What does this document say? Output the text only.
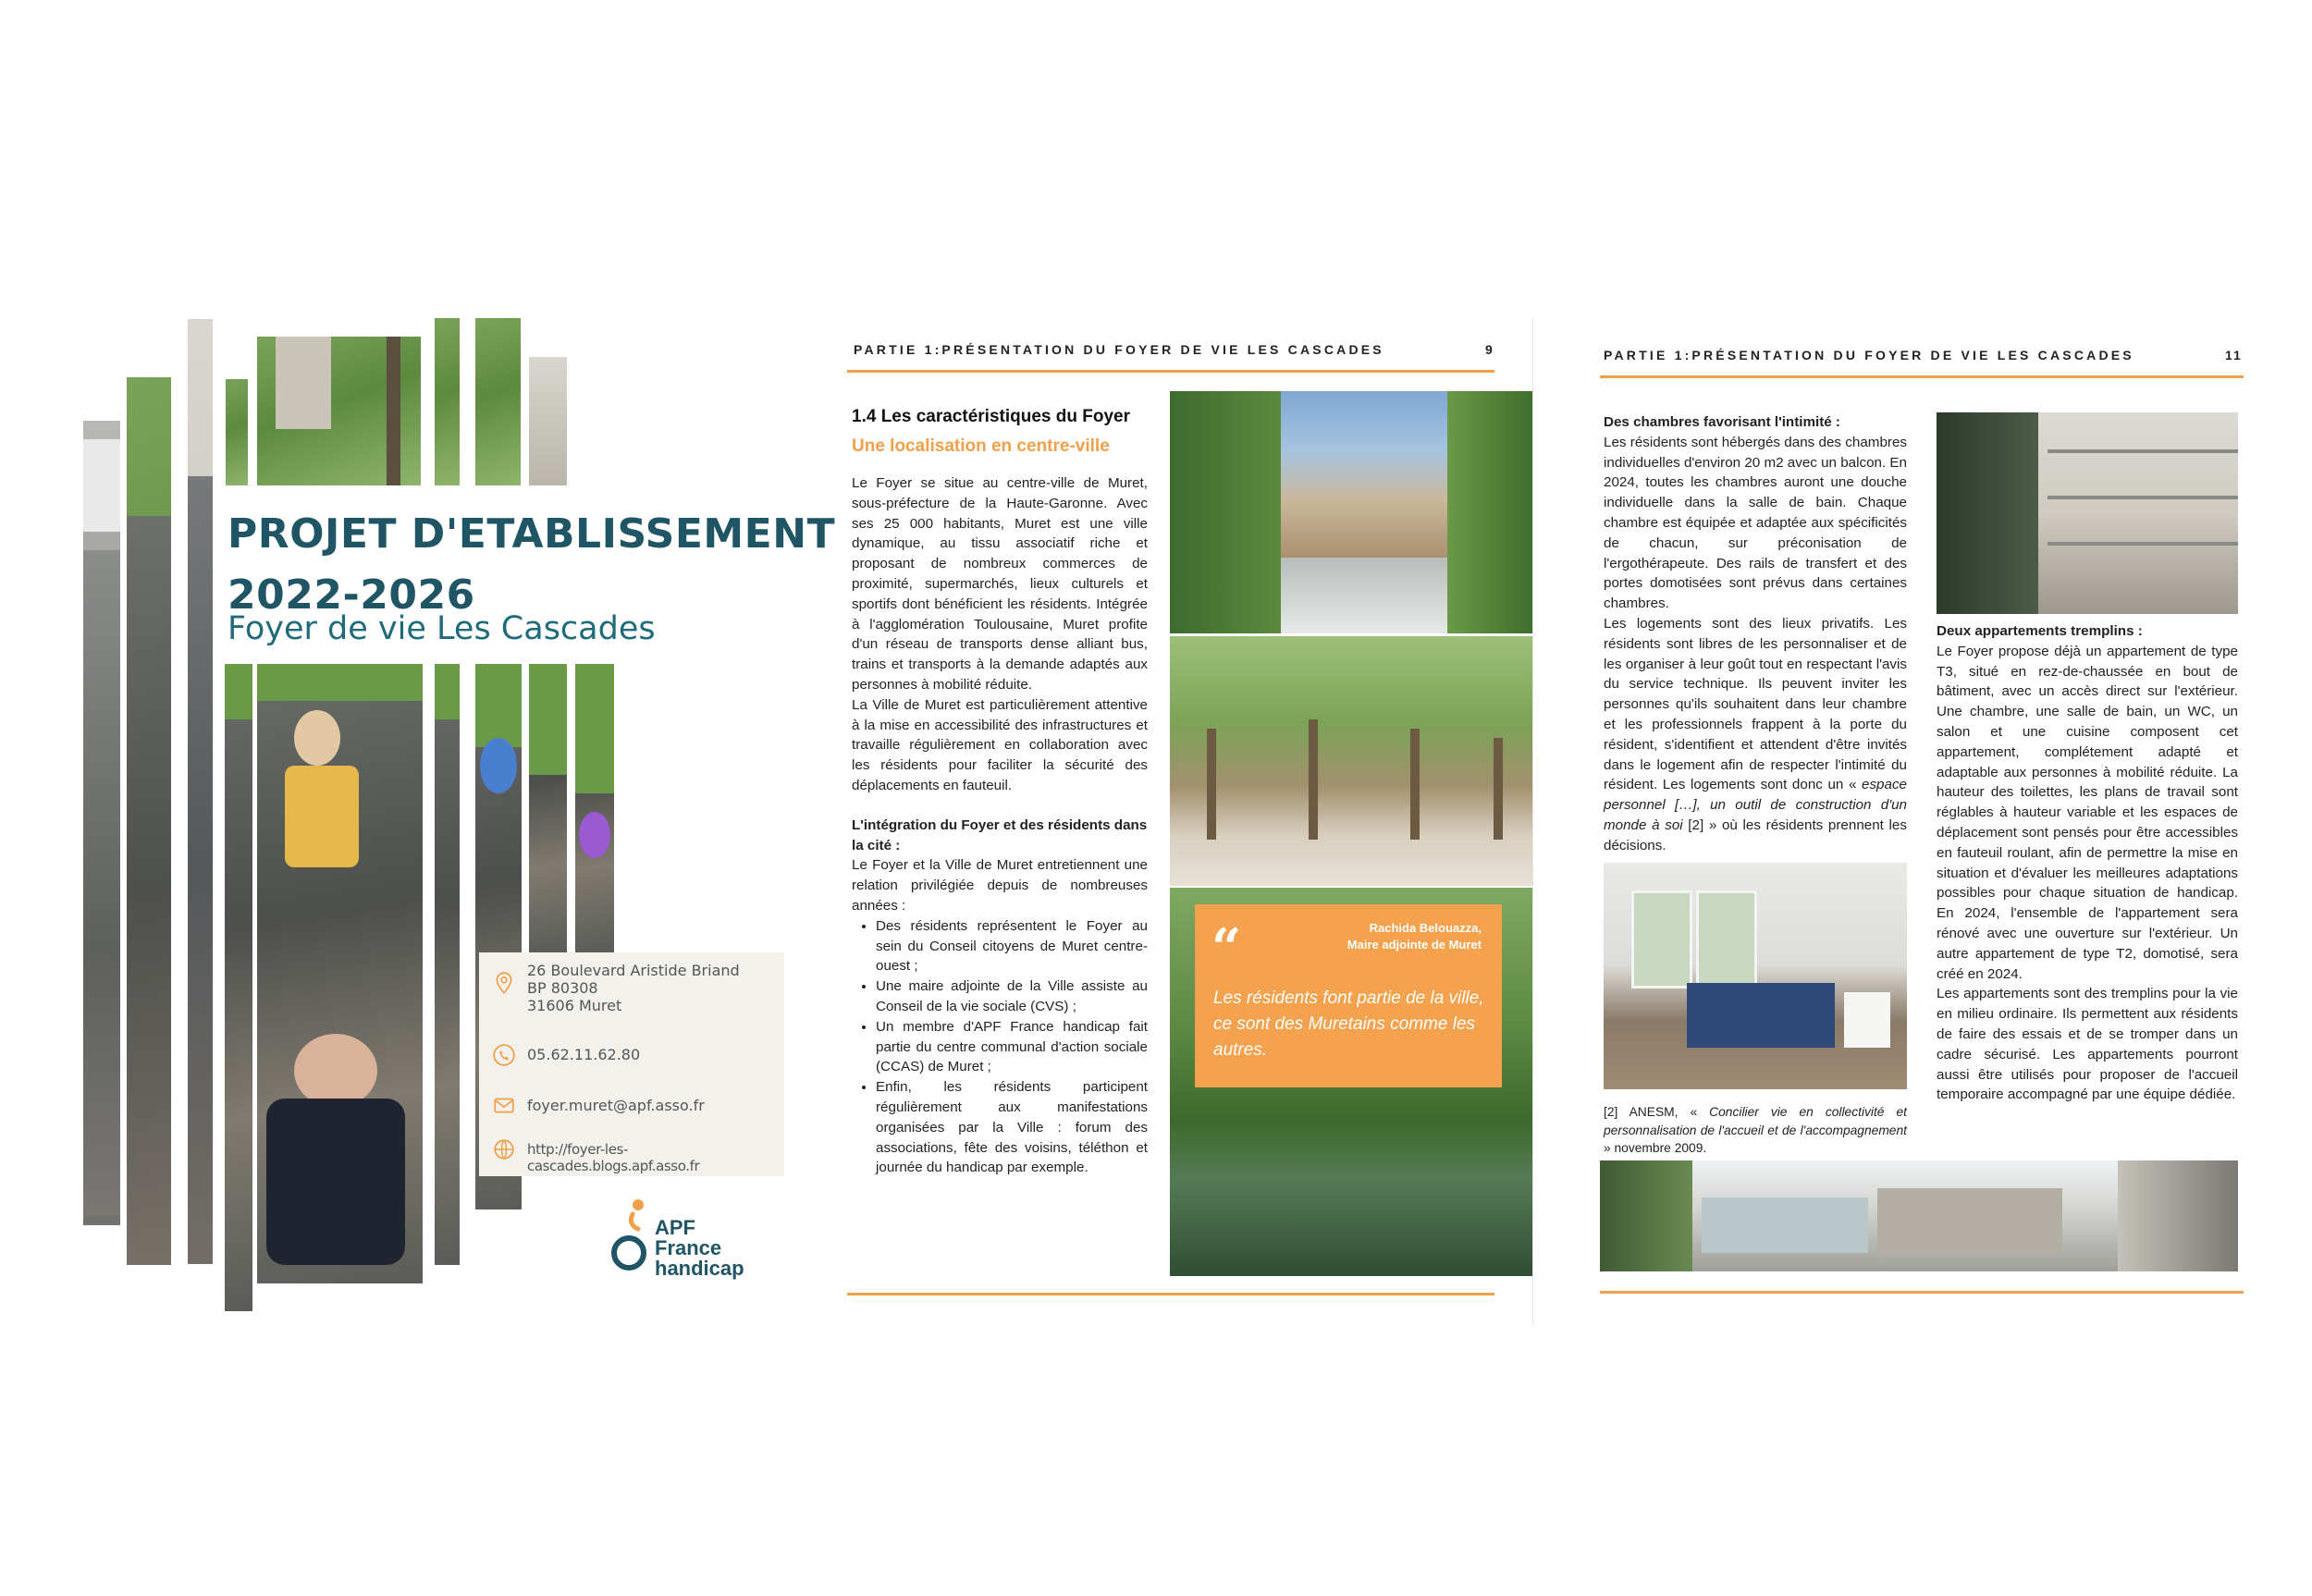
PROJET D'ETABLISSEMENT
2022-2026
Foyer de vie Les Cascades
26 Boulevard Aristide Briand
BP 80308
31606 Muret
05.62.11.62.80
foyer.muret@apf.asso.fr
http://foyer-les-cascades.blogs.apf.asso.fr
APF
France
handicap
PARTIE 1:PRÉSENTATION DU FOYER DE VIE LES CASCADES	9
1.4 Les caractéristiques du Foyer
Une localisation en centre-ville

Le Foyer se situe au centre-ville de Muret, sous-préfecture de la Haute-Garonne. Avec ses 25 000 habitants, Muret est une ville dynamique, au tissu associatif riche et proposant de nombreux commerces de proximité, supermarchés, lieux culturels et sportifs dont bénéficient les résidents. Intégrée à l'agglomération Toulousaine, Muret profite d'un réseau de transports dense alliant bus, trains et transports à la demande adaptés aux personnes à mobilité réduite.

La Ville de Muret est particulièrement attentive à la mise en accessibilité des infrastructures et travaille régulièrement en collaboration avec les résidents pour faciliter la sécurité des déplacements en fauteuil.

L'intégration du Foyer et des résidents dans la cité :

Le Foyer et la Ville de Muret entretiennent une relation privilégiée depuis de nombreuses années :

• Des résidents représentent le Foyer au sein du Conseil citoyens de Muret centre-ouest ;
• Une maire adjointe de la Ville assiste au Conseil de la vie sociale (CVS) ;
• Un membre d'APF France handicap fait partie du centre communal d'action sociale (CCAS) de Muret ;
• Enfin, les résidents participent régulièrement aux manifestations organisées par la Ville : forum des associations, fête des voisins, téléthon et journée du handicap par exemple.
Rachida Belouazza,
Maire adjointe de Muret
“
Les résidents font partie de la ville, ce sont des Muretains comme les autres.
PARTIE 1:PRÉSENTATION DU FOYER DE VIE LES CASCADES	11

Des chambres favorisant l'intimité :

Les résidents sont hébergés dans des chambres individuelles d'environ 20 m2 avec un balcon. En 2024, toutes les chambres auront une douche individuelle dans la salle de bain. Chaque chambre est équipée et adaptée aux spécificités de chacun, sur préconisation de l'ergothérapeute. Des rails de transfert et des portes domotisées sont prévus dans certaines chambres.

Les logements sont des lieux privatifs. Les résidents sont libres de les personnaliser et de les organiser à leur goût tout en respectant l'avis du service technique. Ils peuvent inviter les personnes qu'ils souhaitent dans leur chambre et les professionnels frappent à la porte du résident, s'identifient et attendent d'être invités dans le logement afin de respecter l'intimité du résident. Les logements sont donc un « espace personnel […], un outil de construction d'un monde à soi [2] » où les résidents prennent les décisions.

[2] ANESM, « Concilier vie en collectivité et personnalisation de l'accueil et de l'accompagnement » novembre 2009.

Deux appartements tremplins :

Le Foyer propose déjà un appartement de type T3, situé en rez-de-chaussée en bout de bâtiment, avec un accès direct sur l'extérieur. Une chambre, une salle de bain, un WC, un salon et une cuisine composent cet appartement, complétement adapté et adaptable aux personnes à mobilité réduite. La hauteur des toilettes, les plans de travail sont réglables à hauteur variable et les espaces de déplacement sont pensés pour être accessibles en fauteuil roulant, afin de permettre la mise en situation et d'évaluer les meilleures adaptations possibles pour chaque situation de handicap. En 2024, l'ensemble de l'appartement sera rénové avec une ouverture sur l'extérieur. Un autre appartement de type T2, domotisé, sera créé en 2024.

Les appartements sont des tremplins pour la vie en milieu ordinaire. Ils permettent aux résidents de faire des essais et de se tromper dans un cadre sécurisé. Les appartements pourront aussi être utilisés pour proposer de l'accueil temporaire accompagné par une équipe dédiée.
